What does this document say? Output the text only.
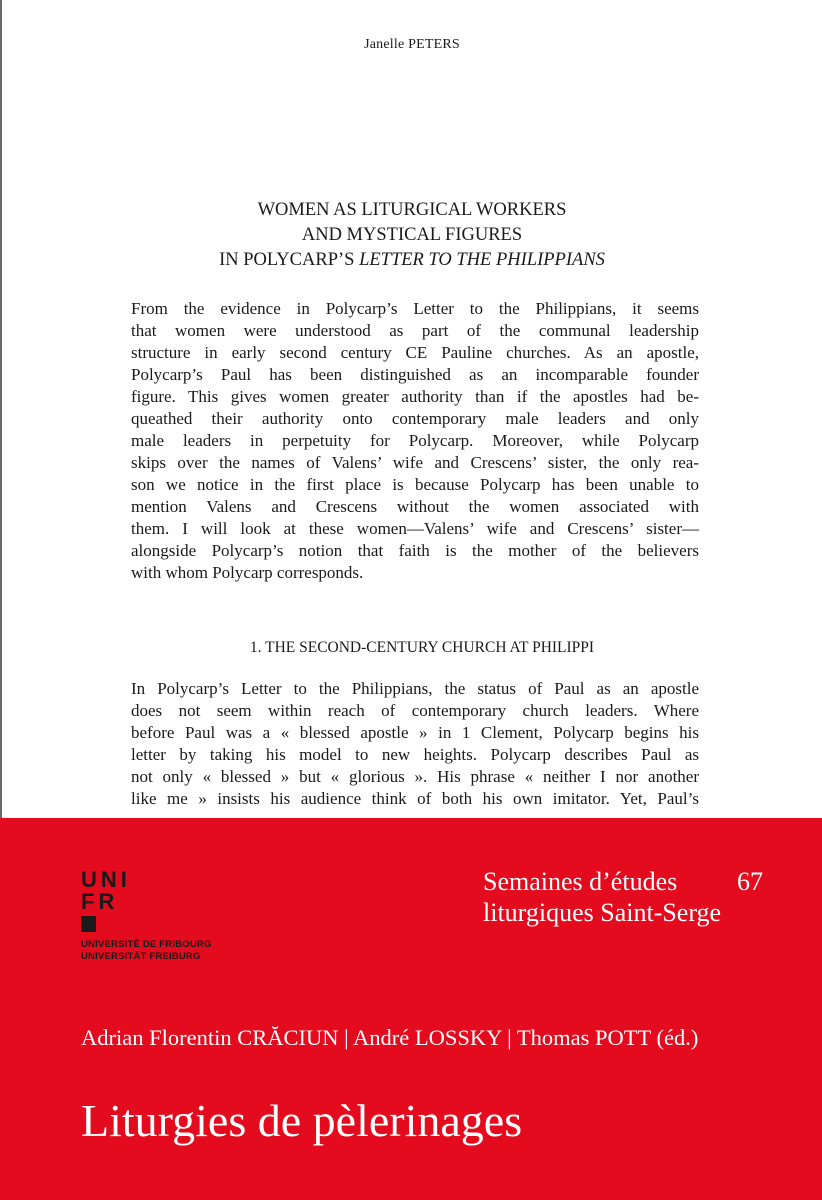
Janelle PETERS
WOMEN AS LITURGICAL WORKERS
AND MYSTICAL FIGURES
IN POLYCARP’S LETTER TO THE PHILIPPIANS
From the evidence in Polycarp’s Letter to the Philippians, it seems
that women were understood as part of the communal leadership
structure in early second century CE Pauline churches. As an apostle,
Polycarp’s Paul has been distinguished as an incomparable founder
figure. This gives women greater authority than if the apostles had be-
queathed their authority onto contemporary male leaders and only
male leaders in perpetuity for Polycarp. Moreover, while Polycarp
skips over the names of Valens’ wife and Crescens’ sister, the only rea-
son we notice in the first place is because Polycarp has been unable to
mention Valens and Crescens without the women associated with
them. I will look at these women—Valens’ wife and Crescens’ sister—
alongside Polycarp’s notion that faith is the mother of the believers
with whom Polycarp corresponds.
1. THE SECOND-CENTURY CHURCH AT PHILIPPI
In Polycarp’s Letter to the Philippians, the status of Paul as an apostle
does not seem within reach of contemporary church leaders. Where
before Paul was a « blessed apostle » in 1 Clement, Polycarp begins his
letter by taking his model to new heights. Polycarp describes Paul as
not only « blessed » but « glorious ». His phrase « neither I nor another
like me » insists his audience think of both his own imitator. Yet, Paul’s
UNI
FR
UNIVERSITÉ DE FRIBOURG
UNIVERSITÄT FREIBURG
Semaines d’études
liturgiques Saint-Serge
67
Adrian Florentin CRĂCIUN | André LOSSKY | Thomas POTT (éd.)
Liturgies de pèlerinages
